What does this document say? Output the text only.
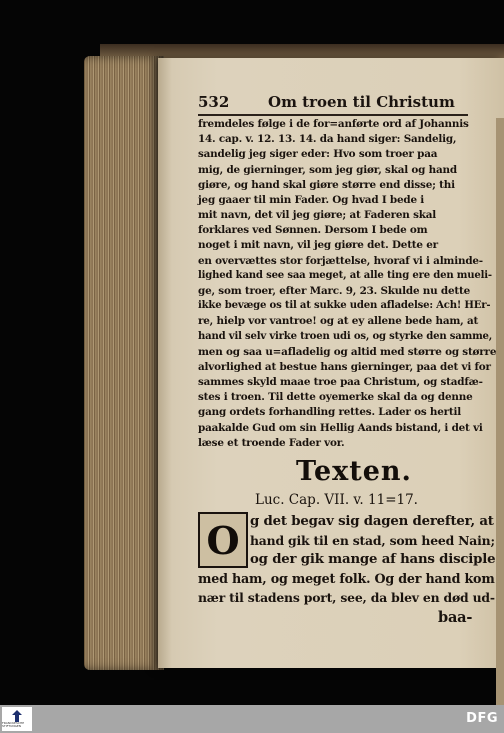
532	Om troen til Christum
fremdeles følge i de for=anførte ord af Johannis
14. cap. v. 12. 13. 14. da hand siger: Sandelig,
sandelig jeg siger eder: Hvo som troer paa
mig, de gierninger, som jeg giør, skal og hand
giøre, og hand skal giøre større end disse; thi
jeg gaaer til min Fader. Og hvad I bede i
mit navn, det vil jeg giøre; at Faderen skal
forklares ved Sønnen. Dersom I bede om
noget i mit navn, vil jeg giøre det. Dette er
en overvættes stor forjættelse, hvoraf vi i alminde-
lighed kand see saa meget, at alle ting ere den mueli-
ge, som troer, efter Marc. 9, 23. Skulde nu dette
ikke bevæge os til at sukke uden afladelse: Ach! HEr-
re, hielp vor vantroe! og at ey allene bede ham, at
hand vil selv virke troen udi os, og styrke den samme,
men og saa u=afladelig og altid med større og større
alvorlighed at bestue hans gierninger, paa det vi for
sammes skyld maae troe paa Christum, og stadfæ-
stes i troen. Til dette oyemerke skal da og denne
Texten.
Luc. Cap. VII. v. 11=17.
O g det begav sig dagen derefter, at
hand gik til en stad, som heed Nain;
og der gik mange af hans disciple
med ham, og meget folk. Og der hand kom
nær til stadens port, see, da blev en død ud-
baa-
gang ordets forhandling rettes. Lader os hertil
paakalde Gud om sin Hellig Aands bistand, i det vi
læse et troende Fader vor.
FRANCKESCHE STIFTUNGEN	DFG
